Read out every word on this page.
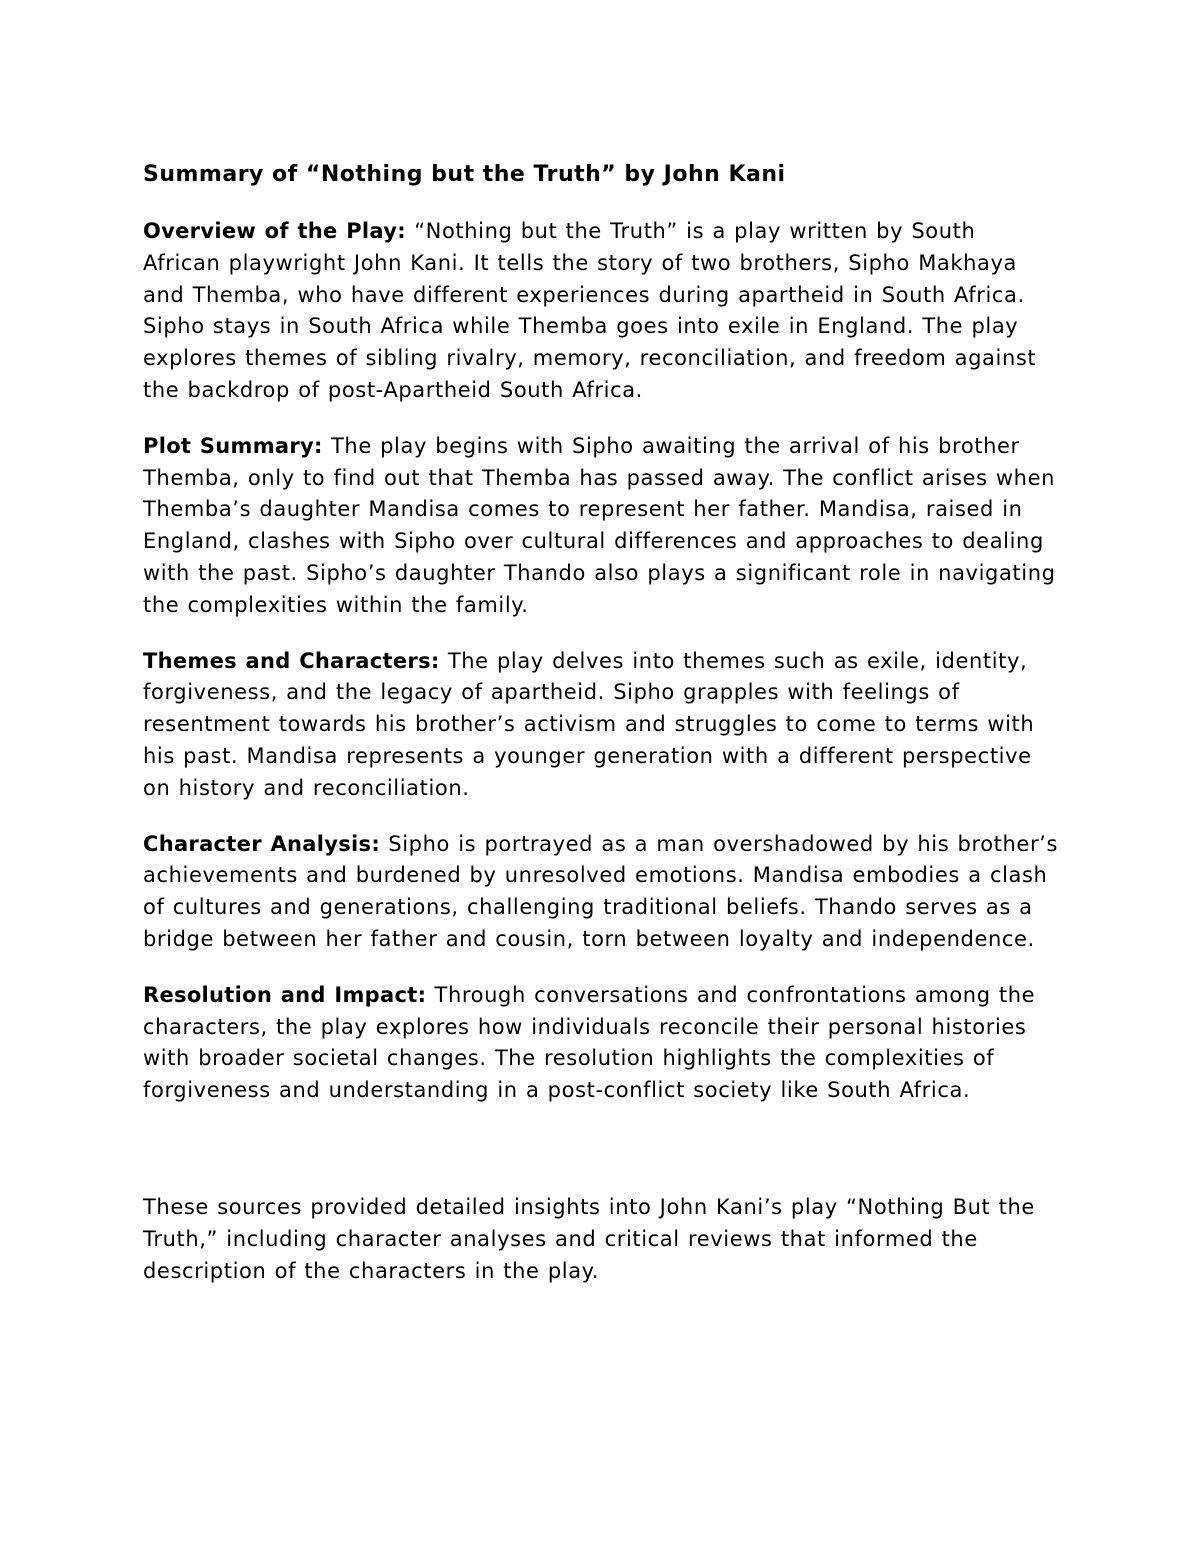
Summary of “Nothing but the Truth” by John Kani

Overview of the Play: “Nothing but the Truth” is a play written by South African playwright John Kani. It tells the story of two brothers, Sipho Makhaya and Themba, who have different experiences during apartheid in South Africa. Sipho stays in South Africa while Themba goes into exile in England. The play explores themes of sibling rivalry, memory, reconciliation, and freedom against the backdrop of post-Apartheid South Africa.

Plot Summary: The play begins with Sipho awaiting the arrival of his brother Themba, only to find out that Themba has passed away. The conflict arises when Themba’s daughter Mandisa comes to represent her father. Mandisa, raised in England, clashes with Sipho over cultural differences and approaches to dealing with the past. Sipho’s daughter Thando also plays a significant role in navigating the complexities within the family.

Themes and Characters: The play delves into themes such as exile, identity, forgiveness, and the legacy of apartheid. Sipho grapples with feelings of resentment towards his brother’s activism and struggles to come to terms with his past. Mandisa represents a younger generation with a different perspective on history and reconciliation.

Character Analysis: Sipho is portrayed as a man overshadowed by his brother’s achievements and burdened by unresolved emotions. Mandisa embodies a clash of cultures and generations, challenging traditional beliefs. Thando serves as a bridge between her father and cousin, torn between loyalty and independence.

Resolution and Impact: Through conversations and confrontations among the characters, the play explores how individuals reconcile their personal histories with broader societal changes. The resolution highlights the complexities of forgiveness and understanding in a post-conflict society like South Africa.

These sources provided detailed insights into John Kani’s play “Nothing But the Truth,” including character analyses and critical reviews that informed the description of the characters in the play.
